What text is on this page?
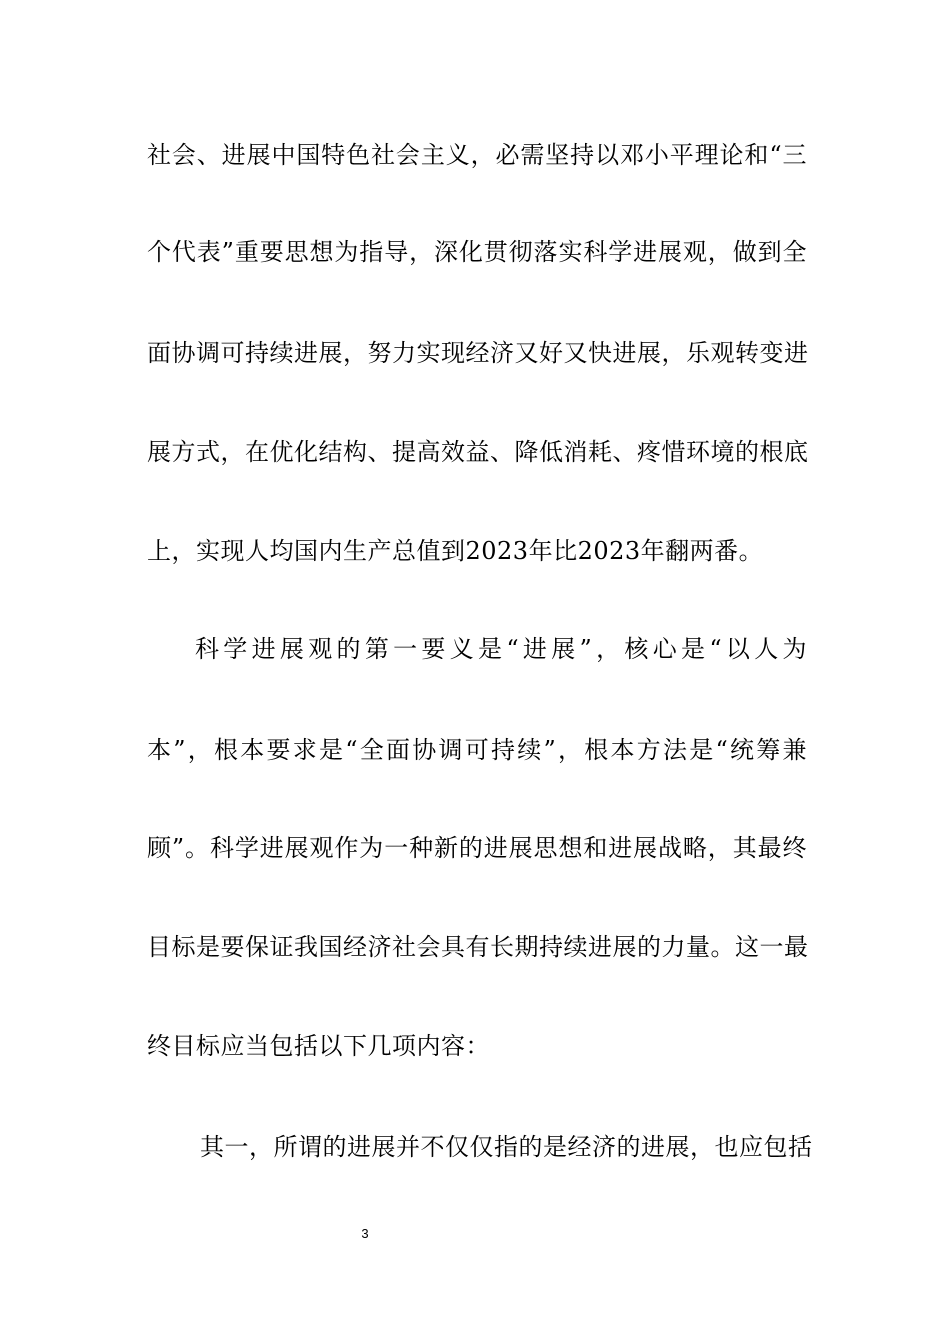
社会、进展中国特色社会主义，必需坚持以邓小平理论和“三
个代表”重要思想为指导，深化贯彻落实科学进展观，做到全
面协调可持续进展，努力实现经济又好又快进展，乐观转变进
展方式，在优化结构、提高效益、降低消耗、疼惜环境的根底
上，实现人均国内生产总值到2023年比2023年翻两番。
科学进展观的第一要义是“进展”，核心是“以人为
本”，根本要求是“全面协调可持续”，根本方法是“统筹兼
顾”。科学进展观作为一种新的进展思想和进展战略，其最终
目标是要保证我国经济社会具有长期持续进展的力量。这一最
终目标应当包括以下几项内容：
其一，所谓的进展并不仅仅指的是经济的进展，也应包括
3
